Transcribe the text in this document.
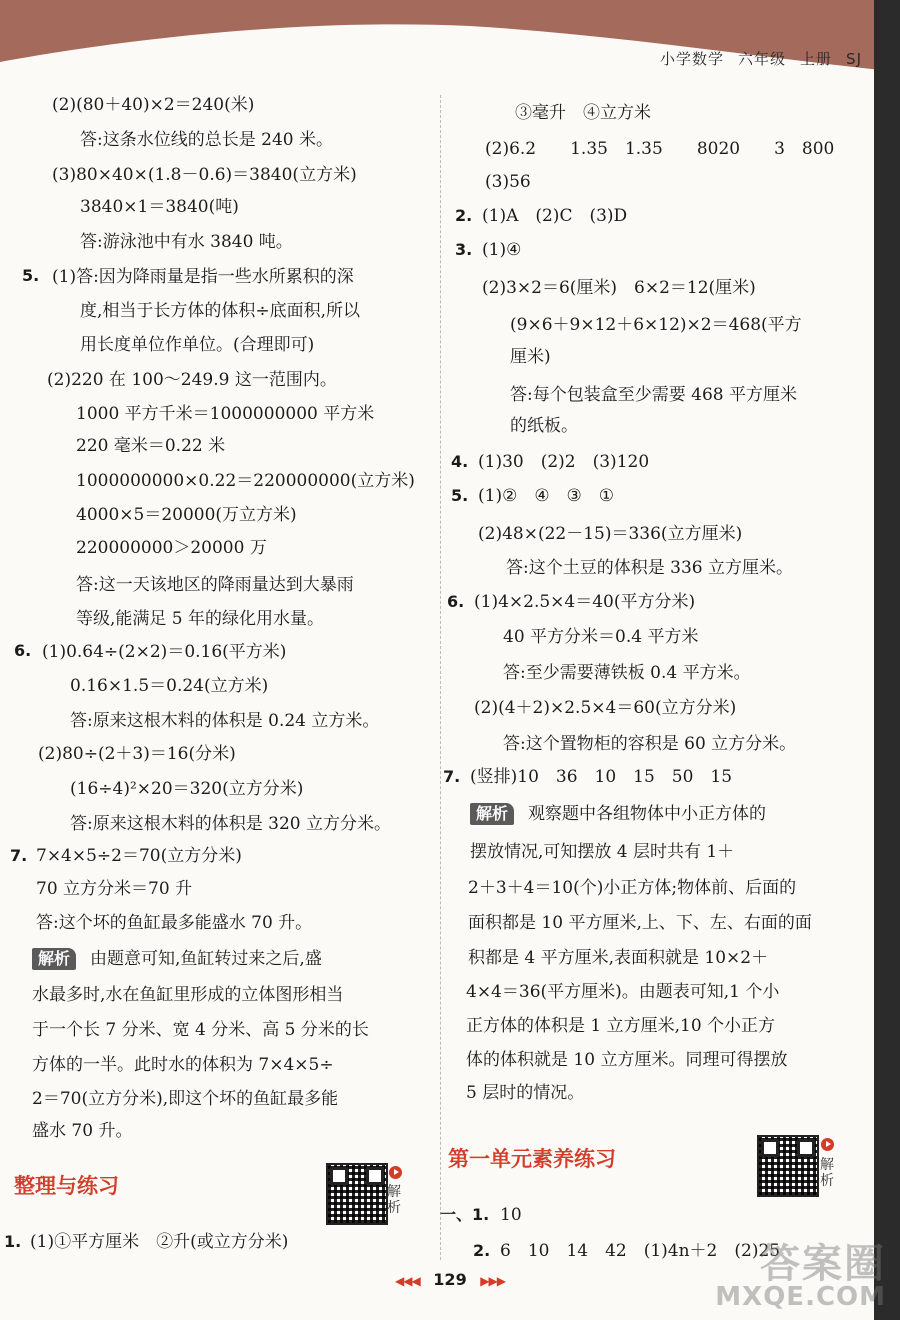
小学数学 六年级 上册 SJ
(2)(80＋40)×2＝240(米)
答:这条水位线的总长是 240 米。
(3)80×40×(1.8－0.6)＝3840(立方米)
3840×1＝3840(吨)
答:游泳池中有水 3840 吨。
5. (1)答:因为降雨量是指一些水所累积的深
度,相当于长方体的体积÷底面积,所以
用长度单位作单位。(合理即可)
(2)220 在 100～249.9 这一范围内。
1000 平方千米＝1000000000 平方米
220 毫米＝0.22 米
1000000000×0.22＝220000000(立方米)
4000×5＝20000(万立方米)
220000000＞20000 万
答:这一天该地区的降雨量达到大暴雨
等级,能满足 5 年的绿化用水量。
6. (1)0.64÷(2×2)＝0.16(平方米)
0.16×1.5＝0.24(立方米)
答:原来这根木料的体积是 0.24 立方米。
(2)80÷(2＋3)＝16(分米)
(16÷4)²×20＝320(立方分米)
答:原来这根木料的体积是 320 立方分米。
7. 7×4×5÷2＝70(立方分米)
70 立方分米＝70 升
答:这个坏的鱼缸最多能盛水 70 升。
解析 由题意可知,鱼缸转过来之后,盛
水最多时,水在鱼缸里形成的立体图形相当
于一个长 7 分米、宽 4 分米、高 5 分米的长
方体的一半。此时水的体积为 7×4×5÷
2＝70(立方分米),即这个坏的鱼缸最多能
盛水 70 升。
整理与练习	解析
1. (1)①平方厘米　②升(或立方分米)
③毫升　④立方米
(2)6.2　　1.35　1.35　　8020　　3　800
(3)56
2. (1)A　(2)C　(3)D
3. (1)④
(2)3×2＝6(厘米)　6×2＝12(厘米)
(9×6＋9×12＋6×12)×2＝468(平方
厘米)
答:每个包装盒至少需要 468 平方厘米
的纸板。
4. (1)30　(2)2　(3)120
5. (1)②　④　③　①
(2)48×(22－15)＝336(立方厘米)
答:这个土豆的体积是 336 立方厘米。
6. (1)4×2.5×4＝40(平方分米)
40 平方分米＝0.4 平方米
答:至少需要薄铁板 0.4 平方米。
(2)(4＋2)×2.5×4＝60(立方分米)
答:这个置物柜的容积是 60 立方分米。
7. (竖排)10　36　10　15　50　15
解析 观察题中各组物体中小正方体的
摆放情况,可知摆放 4 层时共有 1＋
2＋3＋4＝10(个)小正方体;物体前、后面的
面积都是 10 平方厘米,上、下、左、右面的面
积都是 4 平方厘米,表面积就是 10×2＋
4×4＝36(平方厘米)。由题表可知,1 个小
正方体的体积是 1 立方厘米,10 个小正方
体的体积就是 10 立方厘米。同理可得摆放
5 层时的情况。
第一单元素养练习	解析
一、1. 10
2. 6　10　14　42　(1)4n＋2　(2)25
◀◀◀ 129 ▶▶▶	答案圈
MXQE.COM
